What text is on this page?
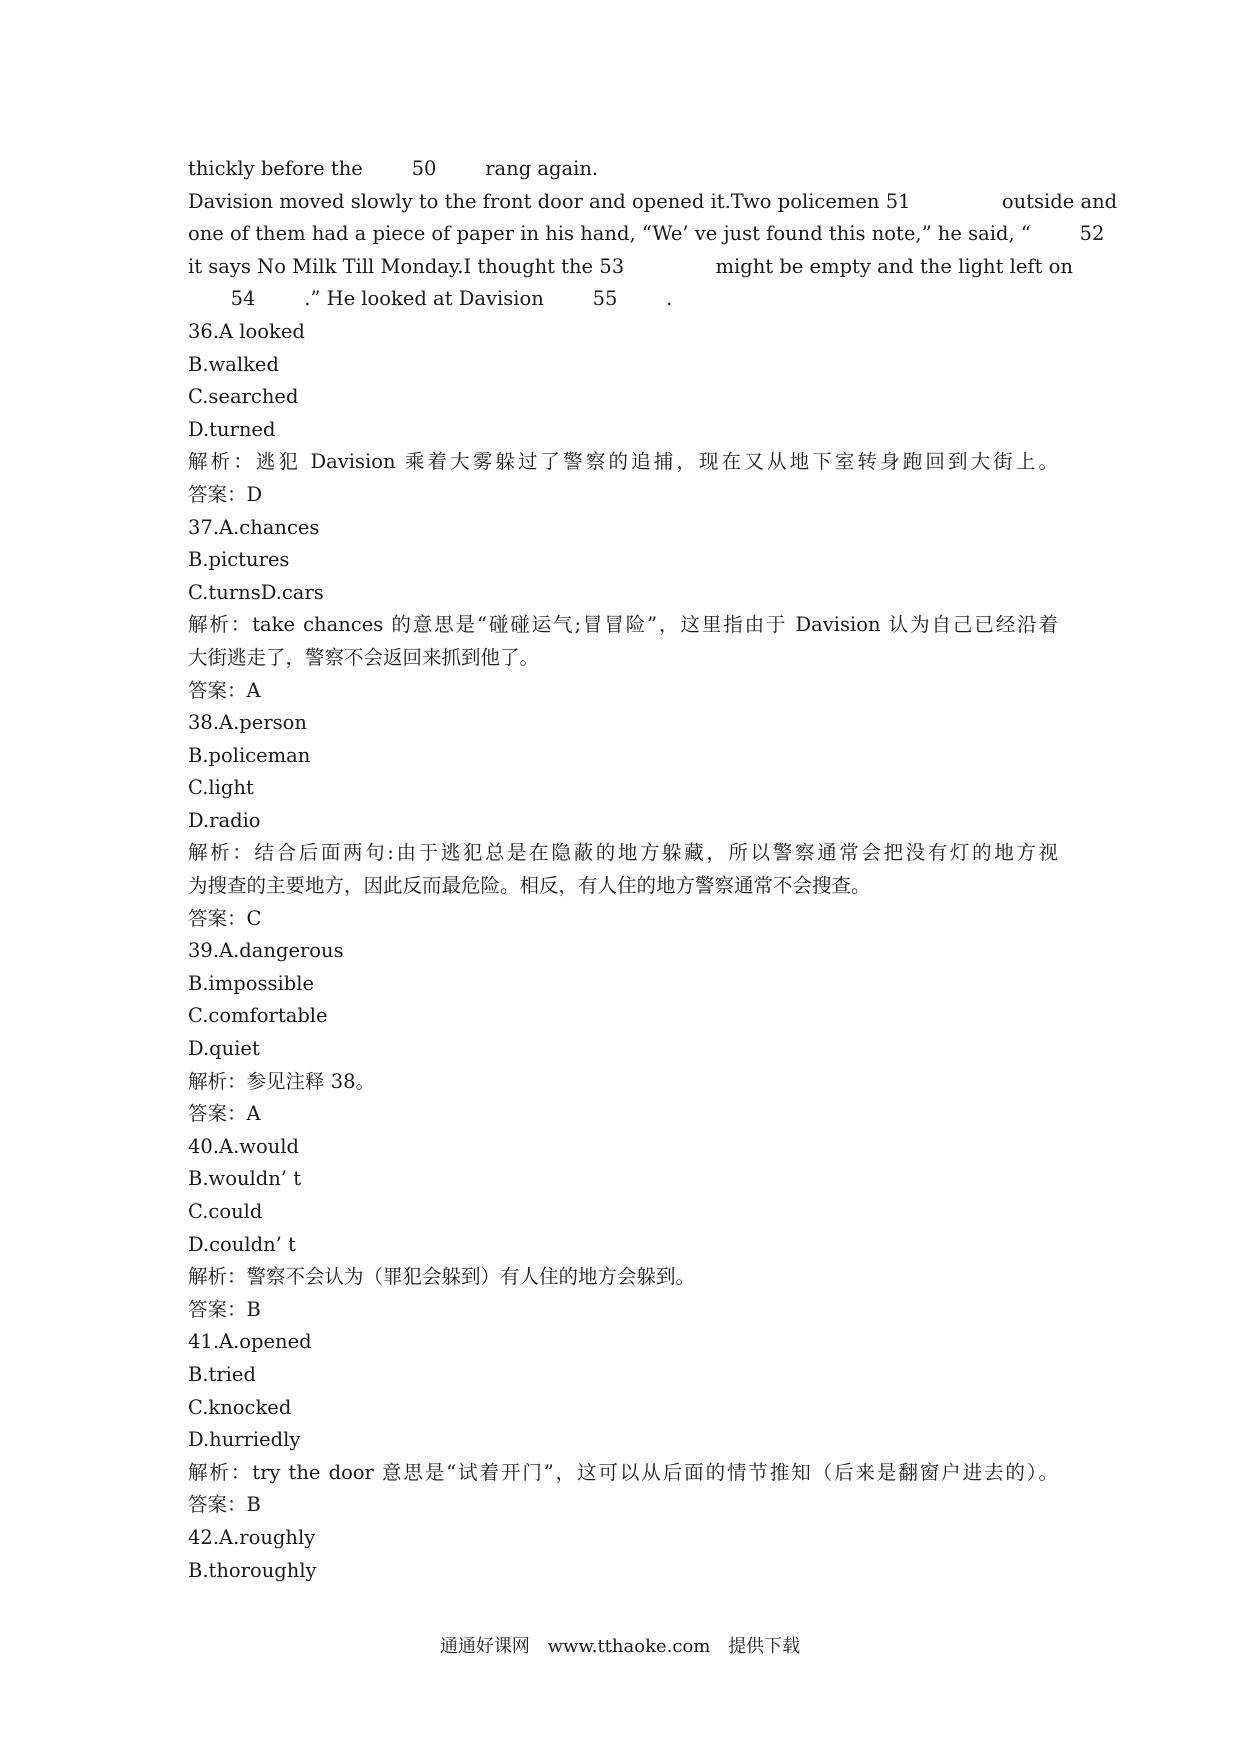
thickly before the 50 rang again.
Davision moved slowly to the front door and opened it.Two policemen 51	outside and
one of them had a piece of paper in his hand, “We’ ve just found this note,” he said, “ 52
it says No Milk Till Monday.I thought the 53	might be empty and the light left on
54 .” He looked at Davision 55 .
36.A looked
B.walked
C.searched
D.turned
解析：逃犯 Davision 乘着大雾躲过了警察的追捕，现在又从地下室转身跑回到大街上。
答案：D
37.A.chances
B.pictures
C.turnsD.cars
解析：take chances 的意思是“碰碰运气;冒冒险”，这里指由于 Davision 认为自己已经沿着
大街逃走了，警察不会返回来抓到他了。
答案：A
38.A.person
B.policeman
C.light
D.radio
解析：结合后面两句:由于逃犯总是在隐蔽的地方躲藏，所以警察通常会把没有灯的地方视
为搜查的主要地方，因此反而最危险。相反，有人住的地方警察通常不会搜查。
答案：C
39.A.dangerous
B.impossible
C.comfortable
D.quiet
解析：参见注释 38。
答案：A
40.A.would
B.wouldn’ t
C.could
D.couldn’ t
解析：警察不会认为（罪犯会躲到）有人住的地方会躲到。
答案：B
41.A.opened
B.tried
C.knocked
D.hurriedly
解析：try the door 意思是“试着开门”，这可以从后面的情节推知（后来是翻窗户进去的）。
答案：B
42.A.roughly
B.thoroughly
通通好课网 www.tthaoke.com 提供下载
